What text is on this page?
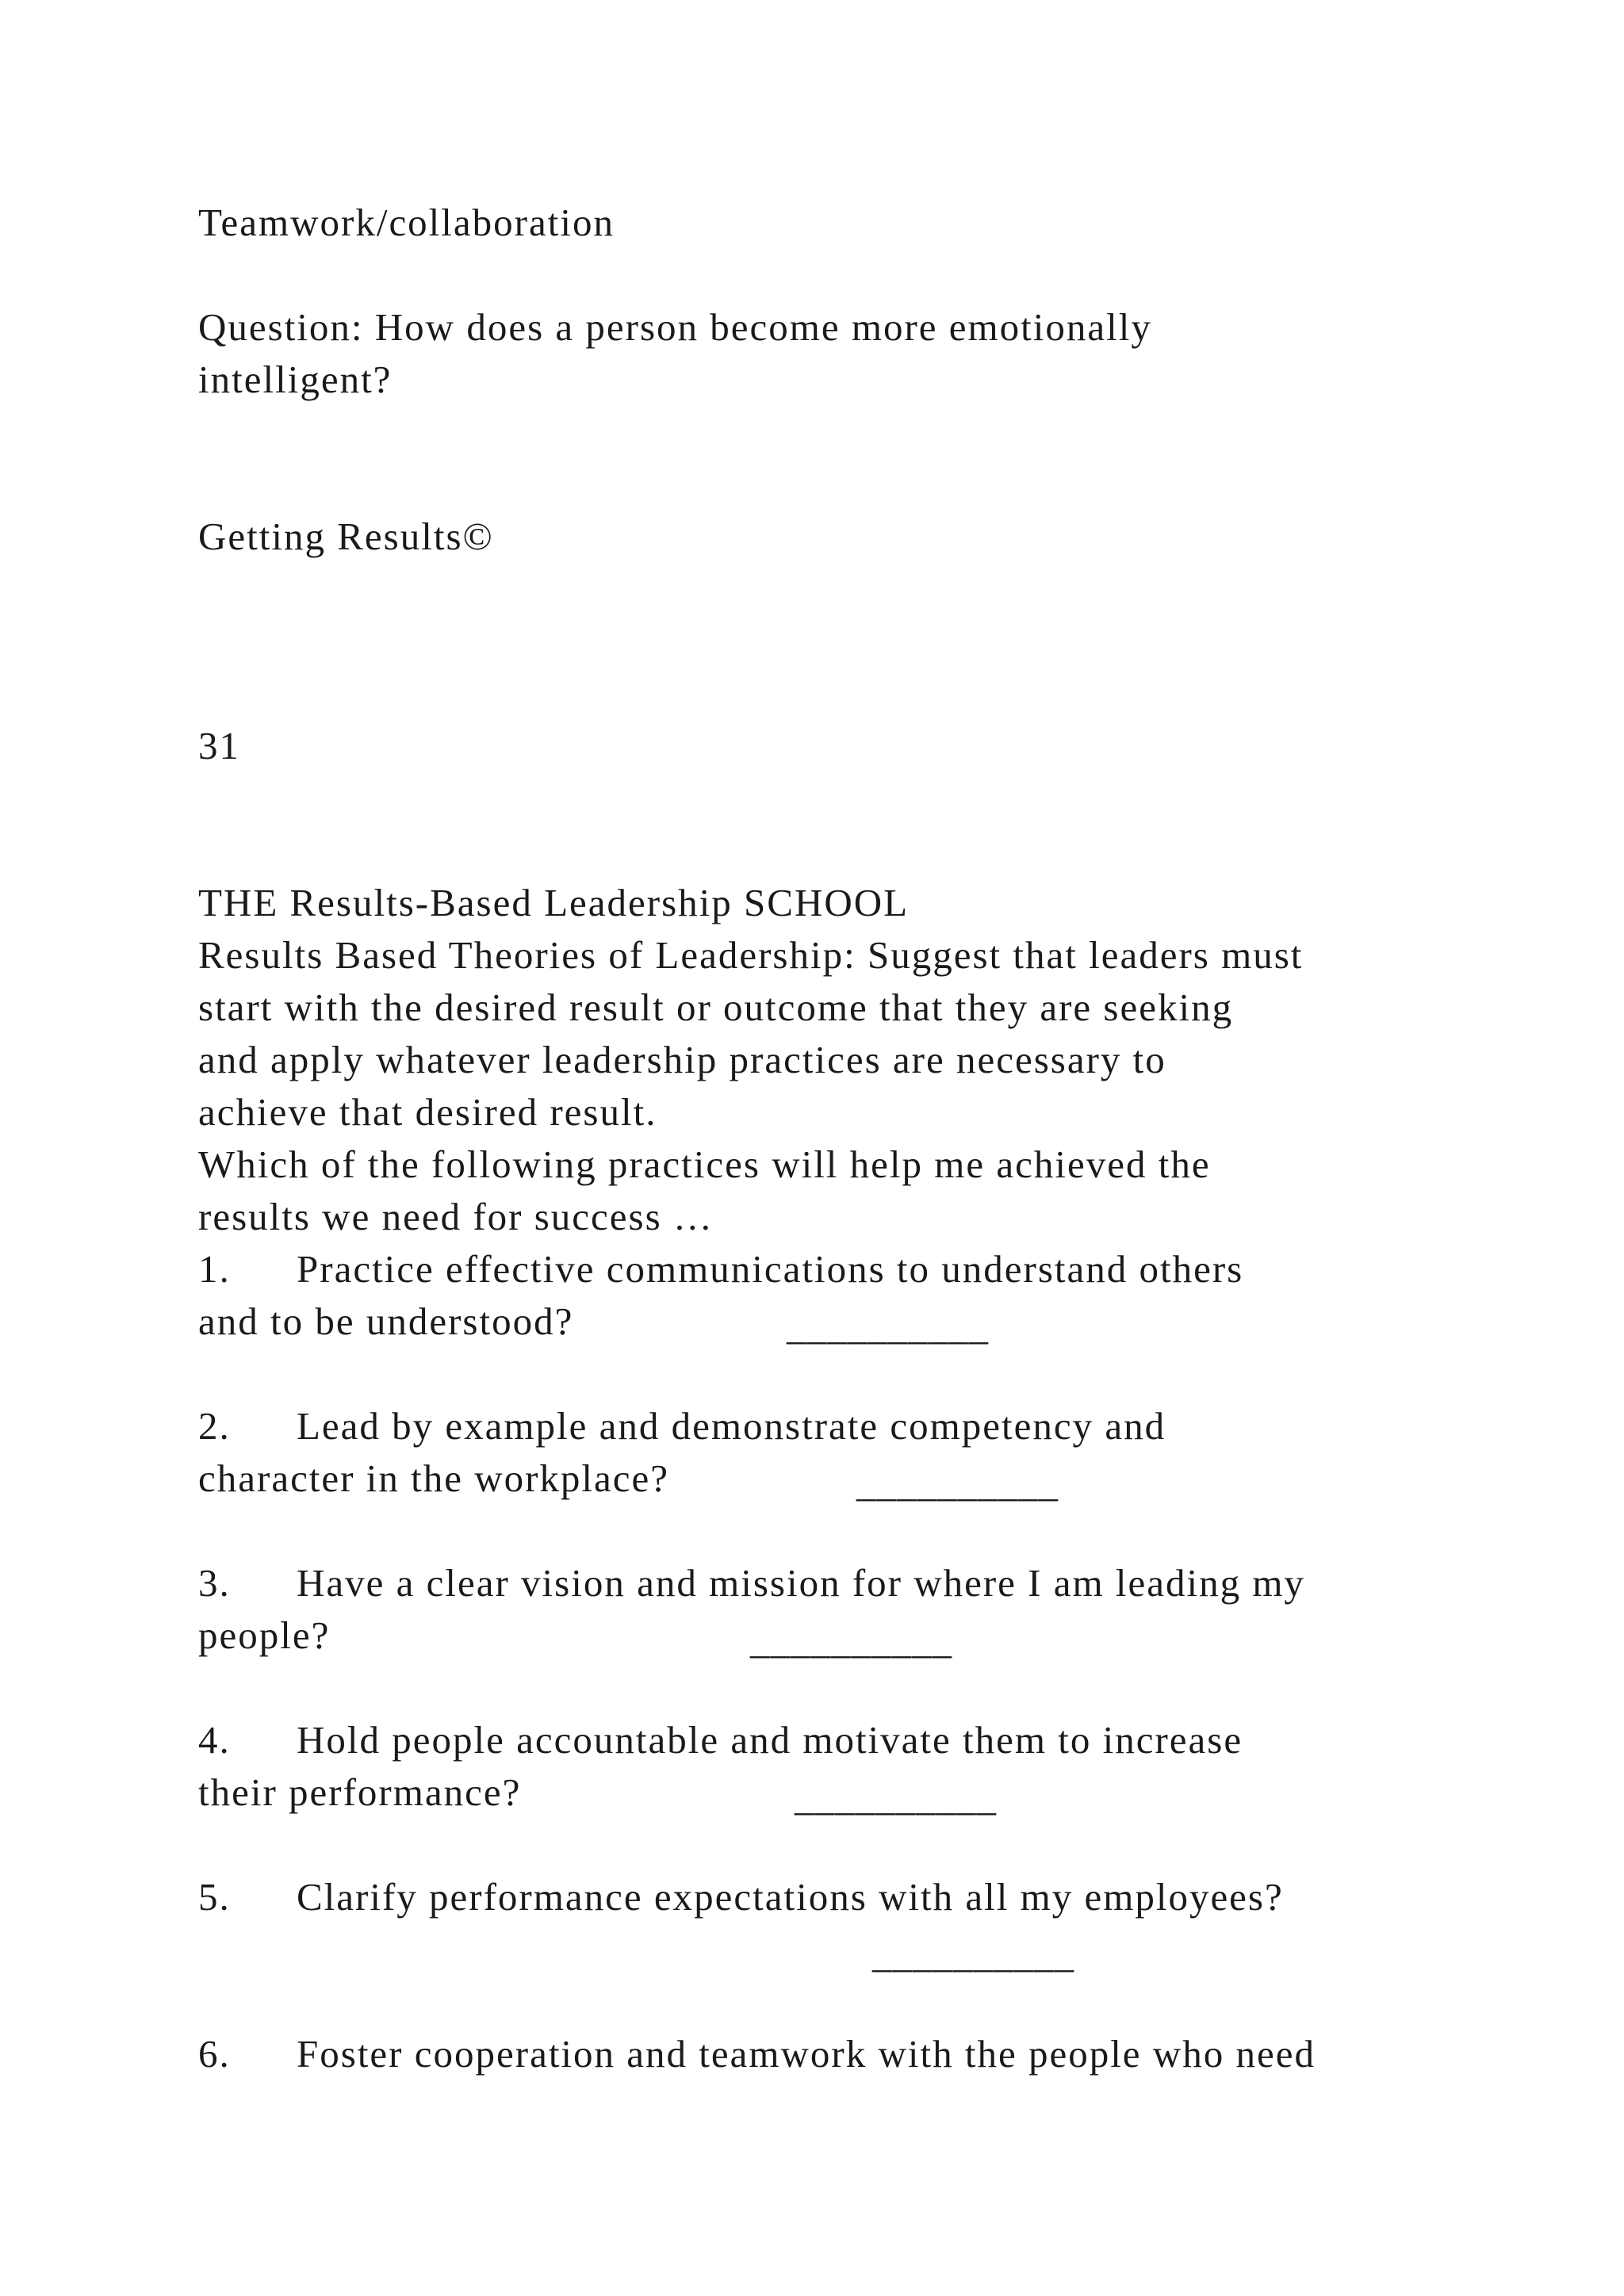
Teamwork/collaboration
Question: How does a person become more emotionally
intelligent?
Getting Results©
31
THE Results-Based Leadership SCHOOL
Results Based Theories of Leadership: Suggest that leaders must
start with the desired result or outcome that they are seeking
and apply whatever leadership practices are necessary to
achieve that desired result.
Which of the following practices will help me achieved the
results we need for success …
1. Practice effective communications to understand others
and to be understood?	__________
2. Lead by example and demonstrate competency and
character in the workplace?	__________
3. Have a clear vision and mission for where I am leading my
people?	__________
4. Hold people accountable and motivate them to increase
their performance?	__________
5. Clarify performance expectations with all my employees?
__________
6. Foster cooperation and teamwork with the people who need
